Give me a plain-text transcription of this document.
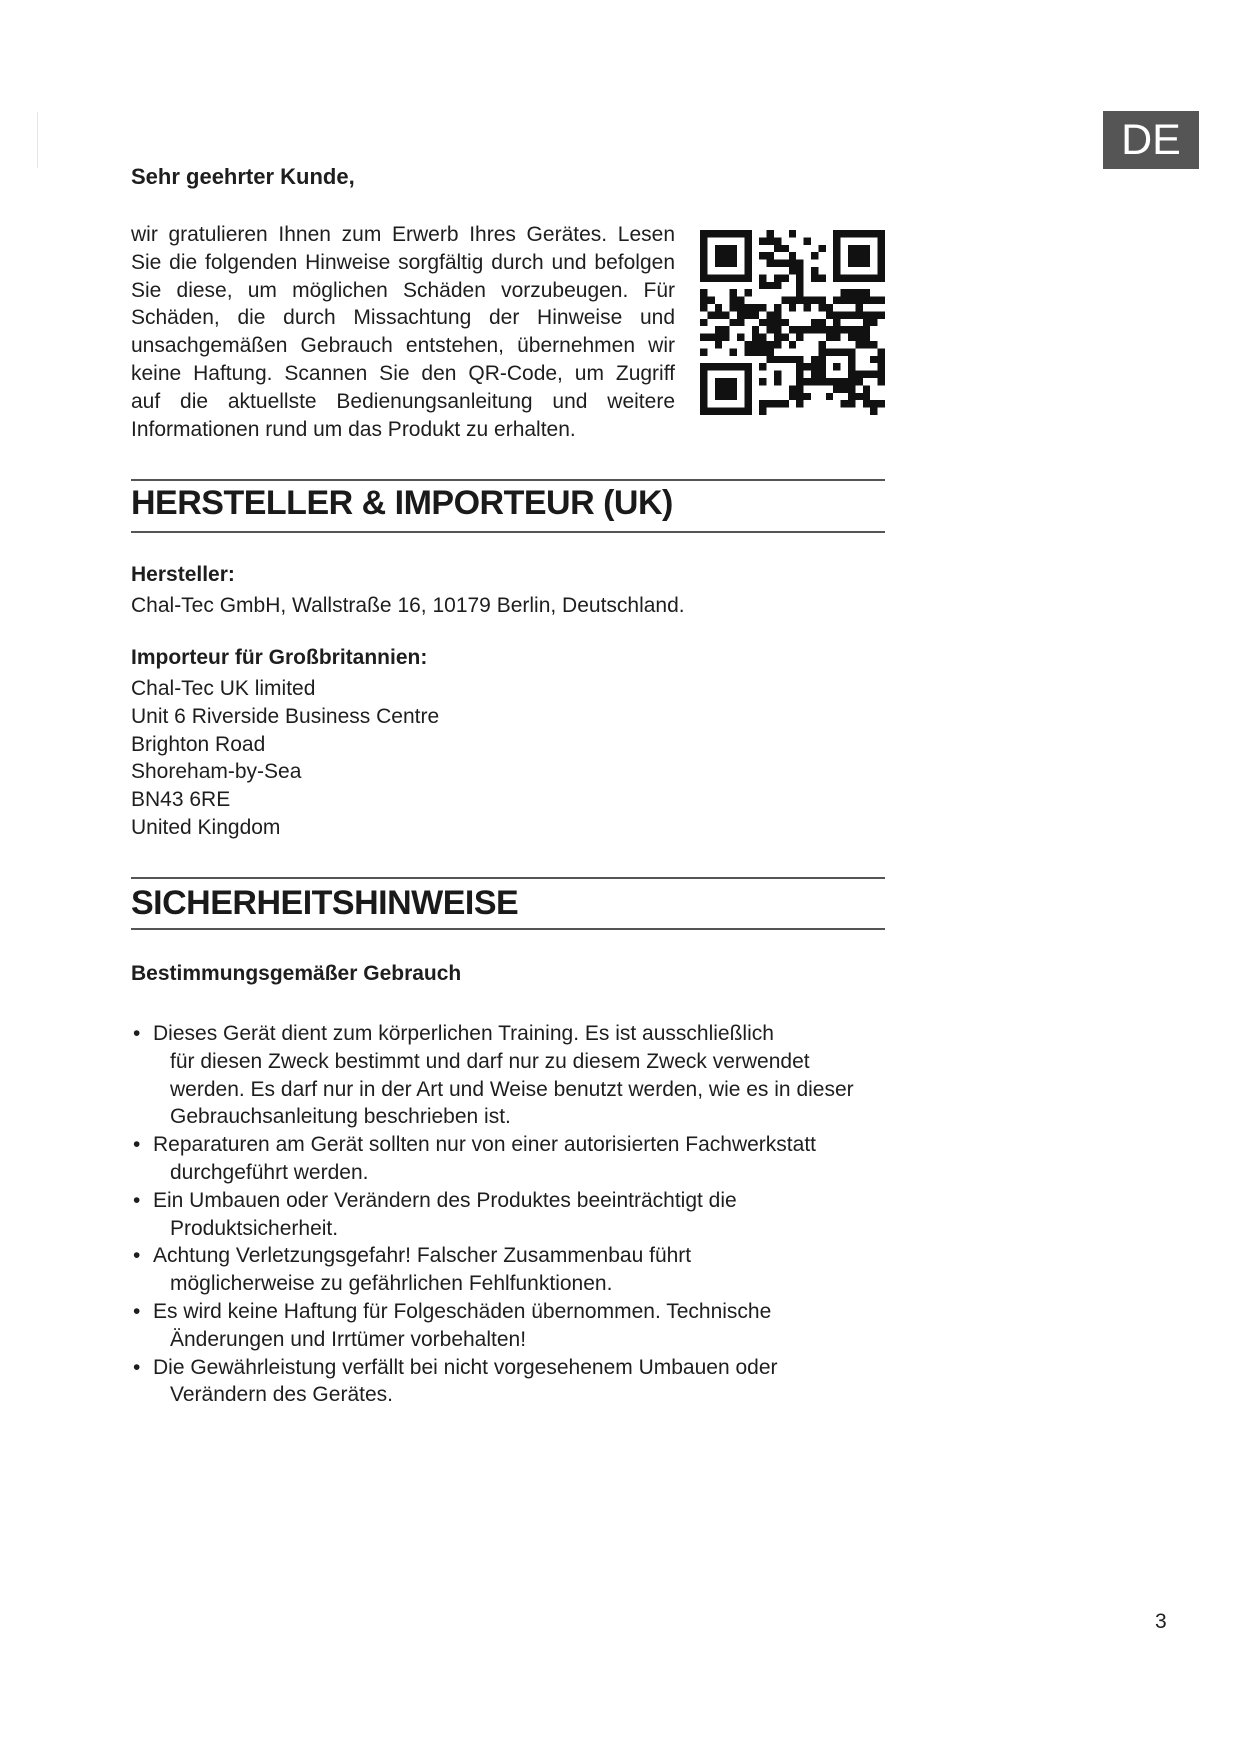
DE
Sehr geehrter Kunde,
wir gratulieren Ihnen zum Erwerb Ihres Gerätes. Lesen
Sie die folgenden Hinweise sorgfältig durch und befolgen
Sie diese, um möglichen Schäden vorzubeugen. Für
Schäden, die durch Missachtung der Hinweise und
unsachgemäßen Gebrauch entstehen, übernehmen wir
keine Haftung. Scannen Sie den QR-Code, um Zugriff
auf die aktuellste Bedienungsanleitung und weitere
Informationen rund um das Produkt zu erhalten.
HERSTELLER & IMPORTEUR (UK)
Hersteller:
Chal-Tec GmbH, Wallstraße 16, 10179 Berlin, Deutschland.
Importeur für Großbritannien:
Chal-Tec UK limited
Unit 6 Riverside Business Centre
Brighton Road
Shoreham-by-Sea
BN43 6RE
United Kingdom
SICHERHEITSHINWEISE
Bestimmungsgemäßer Gebrauch
• Dieses Gerät dient zum körperlichen Training. Es ist ausschließlich
für diesen Zweck bestimmt und darf nur zu diesem Zweck verwendet
werden. Es darf nur in der Art und Weise benutzt werden, wie es in dieser
Gebrauchsanleitung beschrieben ist.
• Reparaturen am Gerät sollten nur von einer autorisierten Fachwerkstatt
durchgeführt werden.
• Ein Umbauen oder Verändern des Produktes beeinträchtigt die
Produktsicherheit.
• Achtung Verletzungsgefahr! Falscher Zusammenbau führt
möglicherweise zu gefährlichen Fehlfunktionen.
• Es wird keine Haftung für Folgeschäden übernommen. Technische
Änderungen und Irrtümer vorbehalten!
• Die Gewährleistung verfällt bei nicht vorgesehenem Umbauen oder
Verändern des Gerätes.
3
